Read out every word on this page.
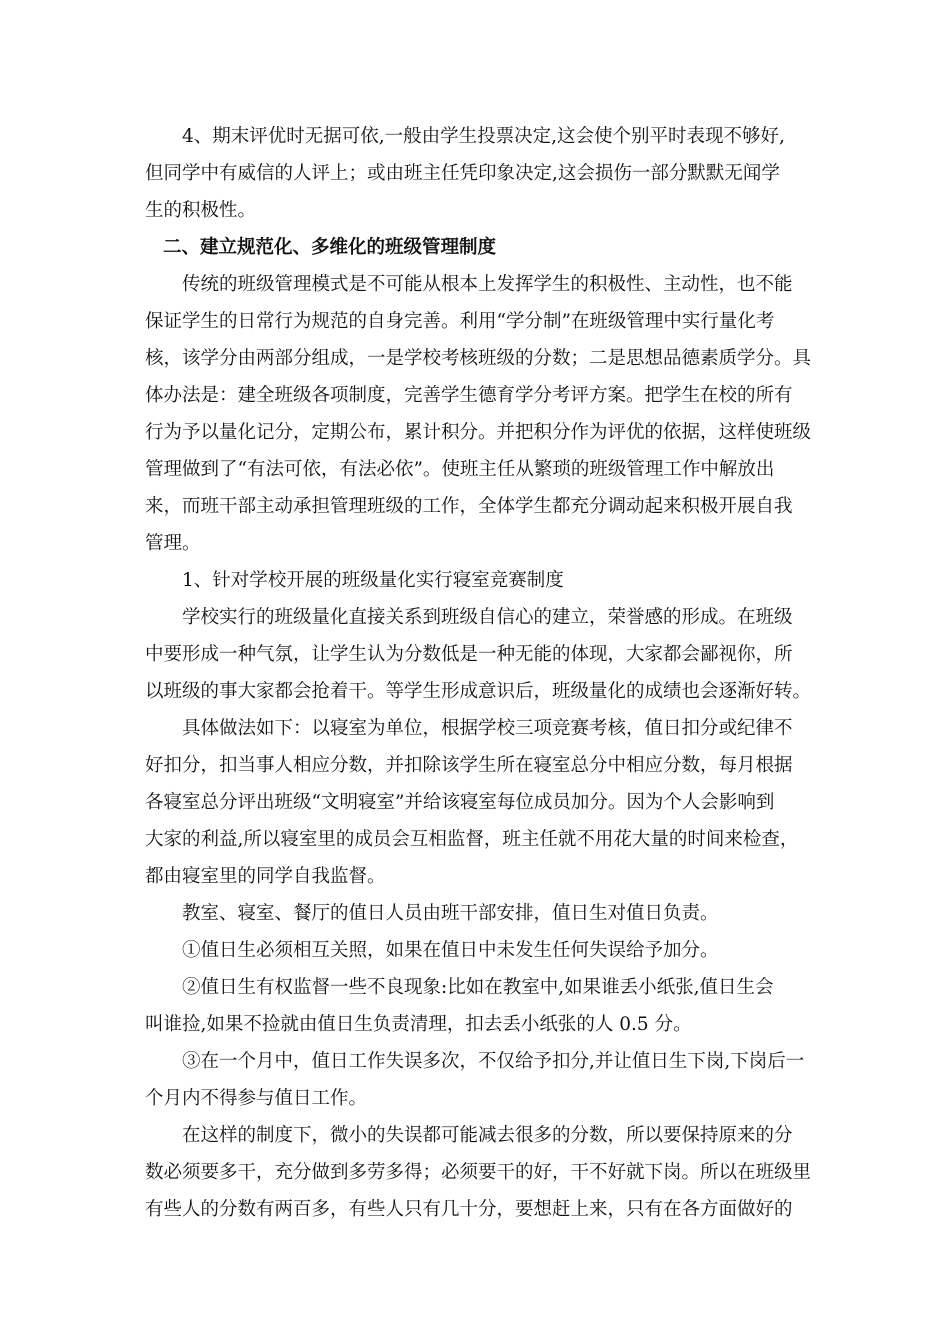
4、期末评优时无据可依,一般由学生投票决定,这会使个别平时表现不够好,
但同学中有威信的人评上；或由班主任凭印象决定,这会损伤一部分默默无闻学
生的积极性。
二、建立规范化、多维化的班级管理制度
传统的班级管理模式是不可能从根本上发挥学生的积极性、主动性，也不能
保证学生的日常行为规范的自身完善。利用“学分制”在班级管理中实行量化考
核，该学分由两部分组成，一是学校考核班级的分数；二是思想品德素质学分。具
体办法是：建全班级各项制度，完善学生德育学分考评方案。把学生在校的所有
行为予以量化记分，定期公布，累计积分。并把积分作为评优的依据，这样使班级
管理做到了“有法可依，有法必依”。使班主任从繁琐的班级管理工作中解放出
来，而班干部主动承担管理班级的工作，全体学生都充分调动起来积极开展自我
管理。
1、针对学校开展的班级量化实行寝室竞赛制度
学校实行的班级量化直接关系到班级自信心的建立，荣誉感的形成。在班级
中要形成一种气氛，让学生认为分数低是一种无能的体现，大家都会鄙视你，所
以班级的事大家都会抢着干。等学生形成意识后，班级量化的成绩也会逐渐好转。
具体做法如下：以寝室为单位，根据学校三项竞赛考核，值日扣分或纪律不
好扣分，扣当事人相应分数，并扣除该学生所在寝室总分中相应分数，每月根据
各寝室总分评出班级“文明寝室”并给该寝室每位成员加分。因为个人会影响到
大家的利益,所以寝室里的成员会互相监督，班主任就不用花大量的时间来检查，
都由寝室里的同学自我监督。
教室、寝室、餐厅的值日人员由班干部安排，值日生对值日负责。
①值日生必须相互关照，如果在值日中未发生任何失误给予加分。
②值日生有权监督一些不良现象:比如在教室中,如果谁丢小纸张,值日生会
叫谁捡,如果不捡就由值日生负责清理，扣去丢小纸张的人 0.5 分。
③在一个月中，值日工作失误多次，不仅给予扣分,并让值日生下岗,下岗后一
个月内不得参与值日工作。
在这样的制度下，微小的失误都可能减去很多的分数，所以要保持原来的分
数必须要多干，充分做到多劳多得；必须要干的好，干不好就下岗。所以在班级里
有些人的分数有两百多，有些人只有几十分，要想赶上来，只有在各方面做好的
